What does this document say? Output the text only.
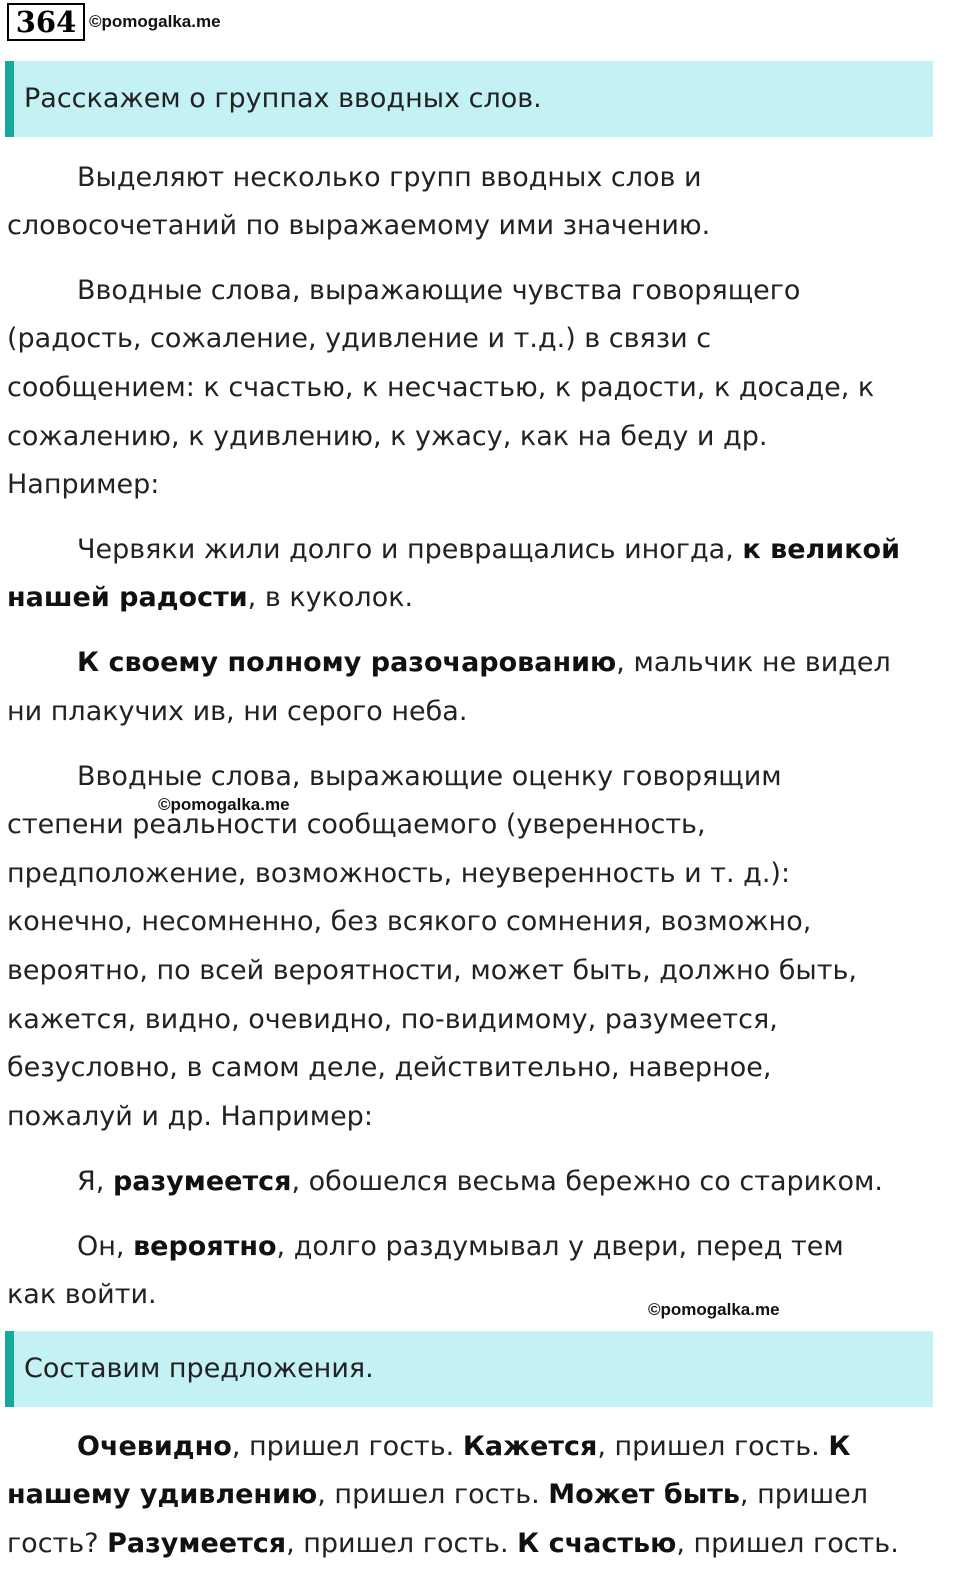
364 ©pomogalka.me
Расскажем о группах вводных слов.
Выделяют несколько групп вводных слов и
словосочетаний по выражаемому ими значению.
Вводные слова, выражающие чувства говорящего
(радость, сожаление, удивление и т.д.) в связи с
сообщением: к счастью, к несчастью, к радости, к досаде, к
сожалению, к удивлению, к ужасу, как на беду и др.
Например:
Червяки жили долго и превращались иногда, к великой
нашей радости, в куколок.
К своему полному разочарованию, мальчик не видел
ни плакучих ив, ни серого неба.
Вводные слова, выражающие оценку говорящим
степени реальности сообщаемого (уверенность,
предположение, возможность, неуверенность и т. д.):
конечно, несомненно, без всякого сомнения, возможно,
вероятно, по всей вероятности, может быть, должно быть,
кажется, видно, очевидно, по-видимому, разумеется,
безусловно, в самом деле, действительно, наверное,
пожалуй и др. Например:
©pomogalka.me
Я, разумеется, обошелся весьма бережно со стариком.
Он, вероятно, долго раздумывал у двери, перед тем
как войти.	©pomogalka.me
Составим предложения.
Очевидно, пришел гость. Кажется, пришел гость. К
нашему удивлению, пришел гость. Может быть, пришел
гость? Разумеется, пришел гость. К счастью, пришел гость.
